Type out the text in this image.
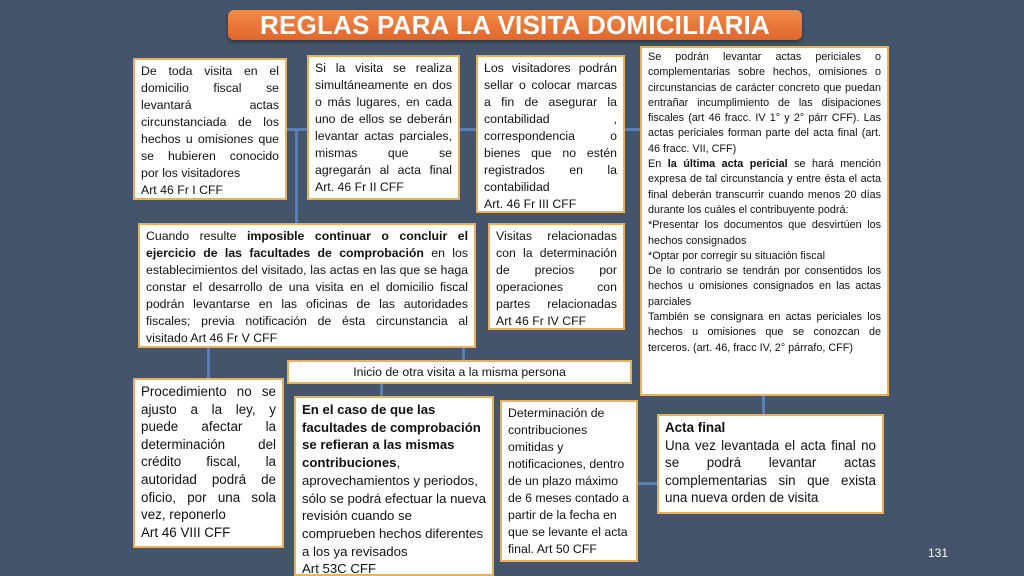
REGLAS PARA LA VISITA DOMICILIARIA

De toda visita en el domicilio fiscal se levantará actas circunstanciada de los hechos u omisiones que se hubieren conocido por los visitadores

Art 46 Fr I CFF

Si la visita se realiza simultáneamente en dos o más lugares, en cada uno de ellos se deberán levantar actas parciales, mismas que se agregarán al acta final Art. 46 Fr II CFF

Los visitadores podrán sellar o colocar marcas a fin de asegurar la contabilidad , correspondencia o bienes que no estén registrados en la contabilidad

Art. 46 Fr III CFF

Cuando resulte imposible continuar o concluir el ejercicio de las facultades de comprobación en los establecimientos del visitado, las actas en las que se haga constar el desarrollo de una visita en el domicilio fiscal podrán levantarse en las oficinas de las autoridades fiscales; previa notificación de ésta circunstancia al visitado Art 46 Fr V CFF

Visitas relacionadas con la determinación de precios por operaciones con partes relacionadas Art 46 Fr IV CFF

Se podrán levantar actas periciales o complementarias sobre hechos, omisiones o circunstancias de carácter concreto que puedan entrañar incumplimiento de las disipaciones fiscales (art 46 fracc. IV 1° y 2° párr CFF). Las actas periciales forman parte del acta final (art. 46 fracc. VII, CFF)

En la última acta pericial se hará mención expresa de tal circunstancia y entre ésta el acta final deberán transcurrir cuando menos 20 días durante los cuáles el contribuyente podrá:

*Presentar los documentos que desvirtúen los hechos consignados

*Optar por corregir su situación fiscal

De lo contrario se tendrán por consentidos los hechos u omisiones consignados en las actas parciales

También se consignara en actas periciales los hechos u omisiones que se conozcan de terceros. (art. 46, fracc IV, 2° párrafo, CFF)

Inicio de otra visita a la misma persona

Procedimiento no se ajusto a la ley, y puede afectar la determinación del crédito fiscal, la autoridad podrá de oficio, por una sola vez, reponerlo

Art 46 VIII CFF

En el caso de que las facultades de comprobación se refieran a las mismas contribuciones, aprovechamientos y periodos, sólo se podrá efectuar la nueva revisión cuando se comprueben hechos diferentes a los ya revisados

Art 53C CFF

Determinación de contribuciones omitidas y notificaciones, dentro de un plazo máximo de 6 meses contado a partir de la fecha en que se levante el acta final. Art 50 CFF

Acta final

Una vez levantada el acta final no se podrá levantar actas complementarias sin que exista una nueva orden de visita

131
